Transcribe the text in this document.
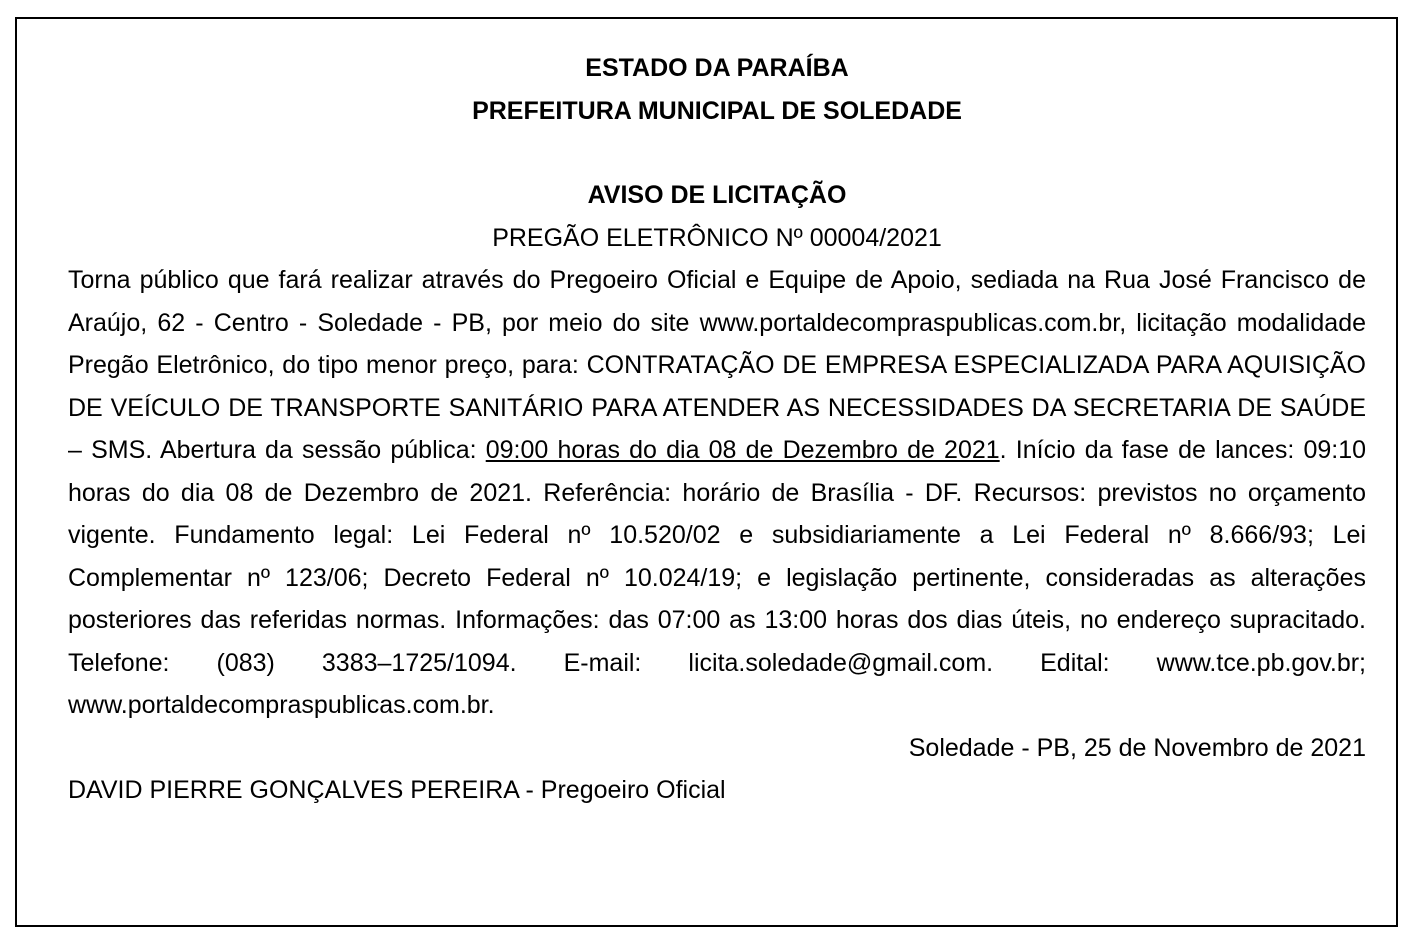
ESTADO DA PARAÍBA

PREFEITURA MUNICIPAL DE SOLEDADE

AVISO DE LICITAÇÃO

PREGÃO ELETRÔNICO Nº 00004/2021

Torna público que fará realizar através do Pregoeiro Oficial e Equipe de Apoio, sediada na Rua José Francisco de Araújo, 62 - Centro - Soledade - PB, por meio do site www.portaldecompraspublicas.com.br, licitação modalidade Pregão Eletrônico, do tipo menor preço, para: CONTRATAÇÃO DE EMPRESA ESPECIALIZADA PARA AQUISIÇÃO DE VEÍCULO DE TRANSPORTE SANITÁRIO PARA ATENDER AS NECESSIDADES DA SECRETARIA DE SAÚDE – SMS. Abertura da sessão pública: 09:00 horas do dia 08 de Dezembro de 2021. Início da fase de lances: 09:10 horas do dia 08 de Dezembro de 2021. Referência: horário de Brasília - DF. Recursos: previstos no orçamento vigente. Fundamento legal: Lei Federal nº 10.520/02 e subsidiariamente a Lei Federal nº 8.666/93; Lei Complementar nº 123/06; Decreto Federal nº 10.024/19; e legislação pertinente, consideradas as alterações posteriores das referidas normas. Informações: das 07:00 as 13:00 horas dos dias úteis, no endereço supracitado. Telefone: (083) 3383–1725/1094. E-mail: licita.soledade@gmail.com. Edital: www.tce.pb.gov.br; www.portaldecompraspublicas.com.br.

Soledade - PB, 25 de Novembro de 2021

DAVID PIERRE GONÇALVES PEREIRA - Pregoeiro Oficial
